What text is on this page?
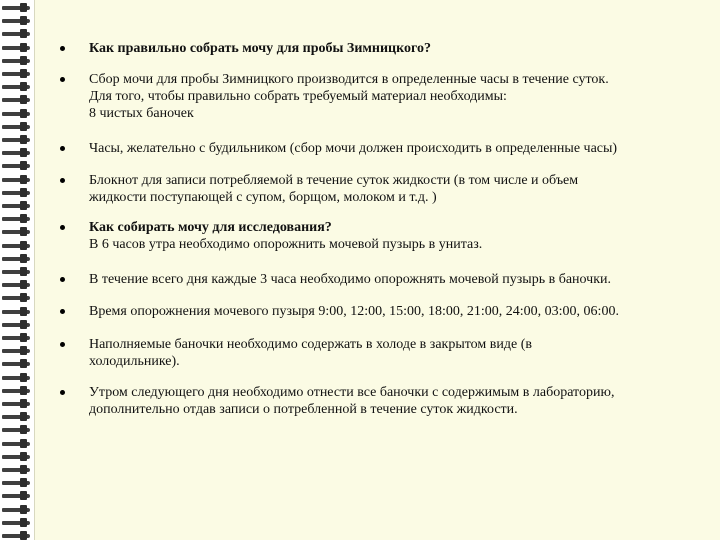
Как правильно собрать мочу для пробы Зимницкого?
Сбор мочи для пробы Зимницкого производится в определенные часы в течение суток.
Для того, чтобы правильно собрать требуемый материал необходимы:
8 чистых баночек
Часы, желательно с будильником (сбор мочи должен происходить в определенные часы)
Блокнот для записи потребляемой в течение суток жидкости (в том числе и объем
жидкости поступающей с супом, борщом, молоком и т.д. )
Как собирать мочу для исследования?
В 6 часов утра необходимо опорожнить мочевой пузырь в унитаз.
В течение всего дня каждые 3 часа необходимо опорожнять мочевой пузырь в баночки.
Время опорожнения мочевого пузыря 9:00, 12:00, 15:00, 18:00, 21:00, 24:00, 03:00, 06:00.
Наполняемые баночки необходимо содержать в холоде в закрытом виде (в
холодильнике).
Утром следующего дня необходимо отнести все баночки с содержимым в лабораторию,
дополнительно отдав записи о потребленной в течение суток жидкости.
